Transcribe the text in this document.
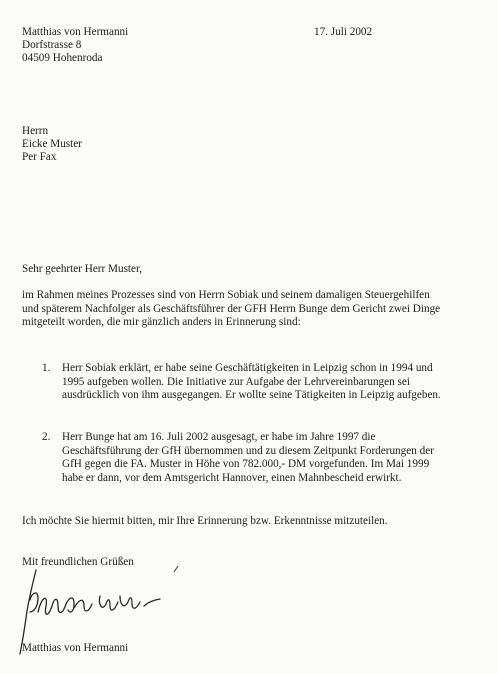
Matthias von Hermanni
Dorfstrasse 8
04509 Hohenroda
17. Juli 2002
Herrn
Eicke Muster
Per Fax
Sehr geehrter Herr Muster,
im Rahmen meines Prozesses sind von Herrn Sobiak und seinem damaligen Steuergehilfen
und späterem Nachfolger als Geschäftsführer der GFH Herrn Bunge dem Gericht zwei Dinge
mitgeteilt worden, die mir gänzlich anders in Erinnerung sind:
1. Herr Sobiak erklärt, er habe seine Geschäftätigkeiten in Leipzig schon in 1994 und
1995 aufgeben wollen. Die Initiative zur Aufgabe der Lehrvereinbarungen sei
ausdrücklich von ihm ausgegangen. Er wollte seine Tätigkeiten in Leipzig aufgeben.
2. Herr Bunge hat am 16. Juli 2002 ausgesagt, er habe im Jahre 1997 die
Geschäftsführung der GfH übernommen und zu diesem Zeitpunkt Forderungen der
GfH gegen die FA. Muster in Höhe von 782.000,- DM vorgefunden. Im Mai 1999
habe er dann, vor dem Amtsgericht Hannover, einen Mahnbescheid erwirkt.
Ich möchte Sie hiermit bitten, mir Ihre Erinnerung bzw. Erkenntnisse mitzuteilen.
Mit freundlichen Grüßen
Matthias von Hermanni
